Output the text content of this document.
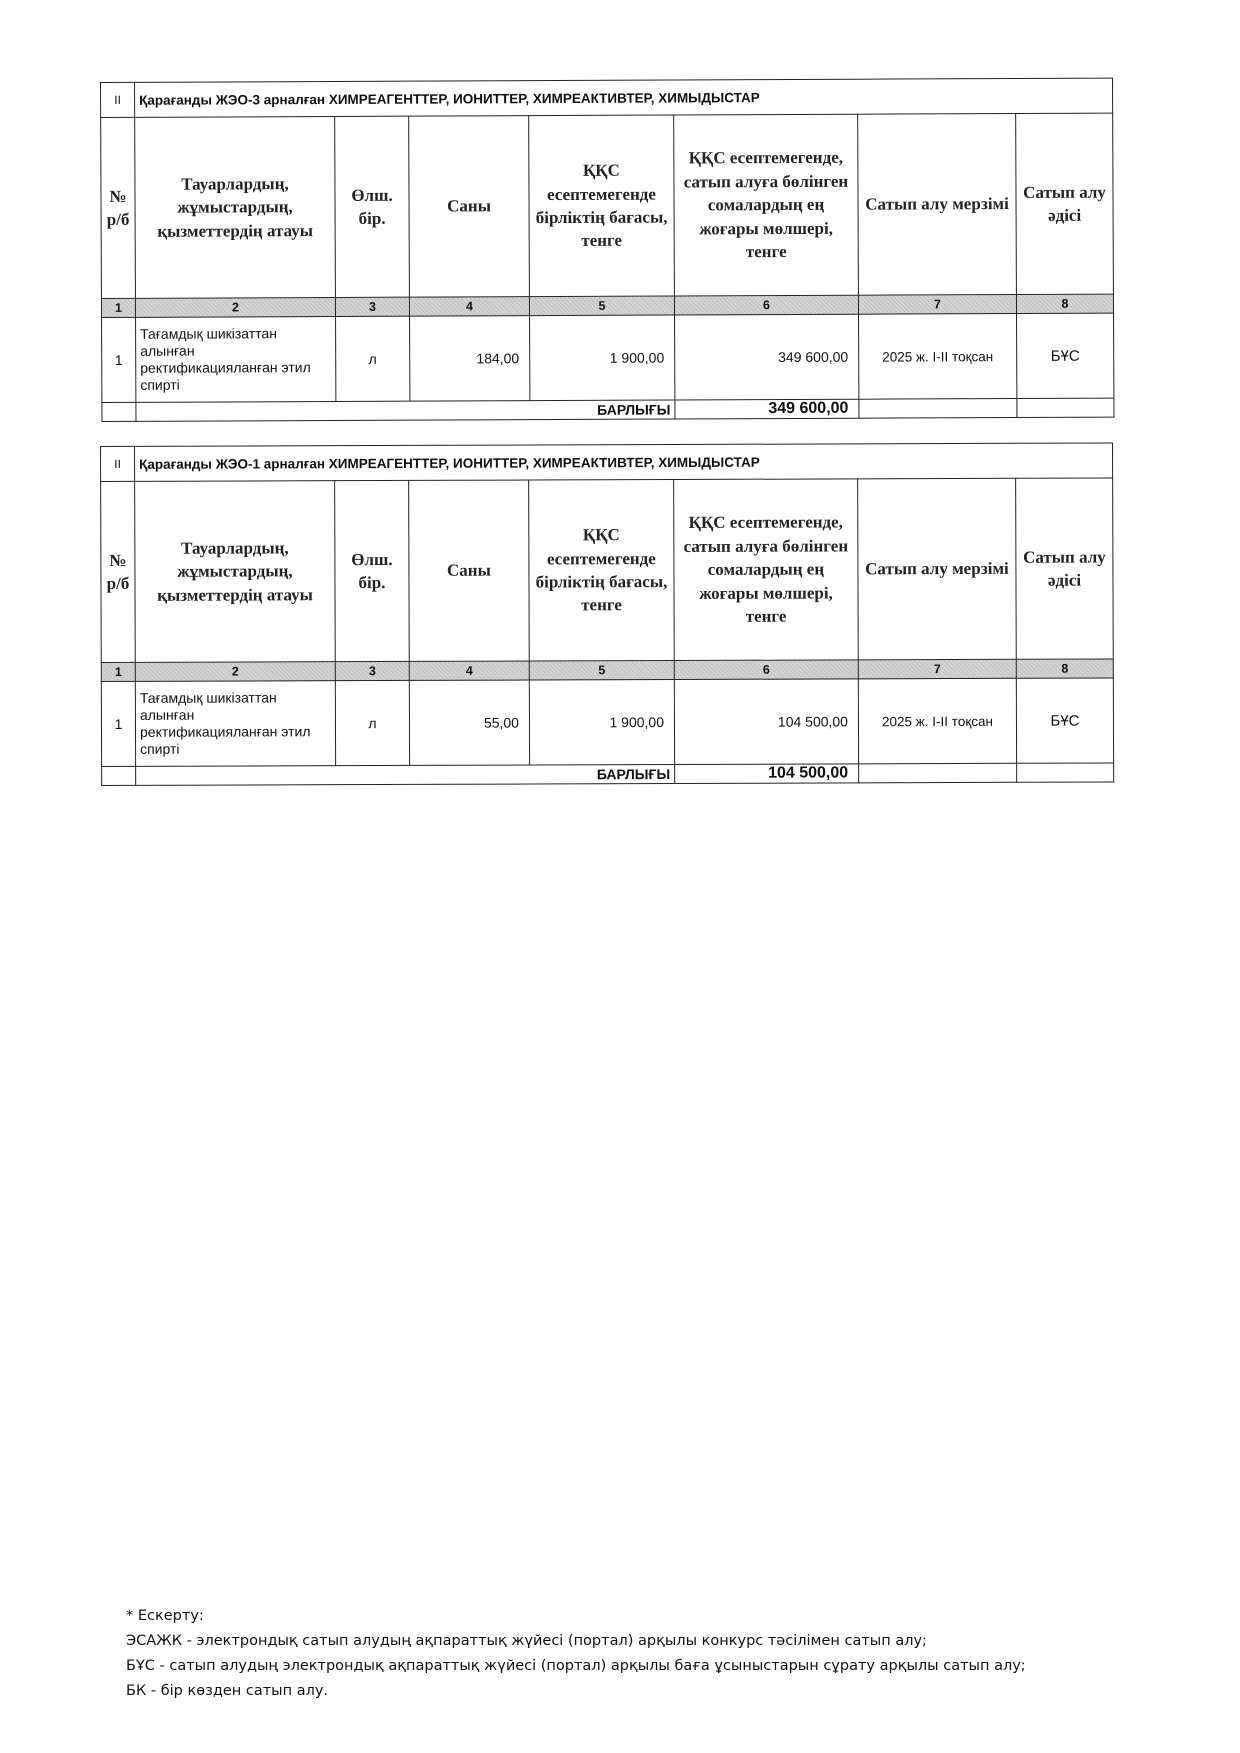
II	Қарағанды ЖЭО-3 арналған ХИМРЕАГЕНТТЕР, ИОНИТТЕР, ХИМРЕАКТИВТЕР, ХИМЫДЫСТАР						
№ р/б	Тауарлардың, жұмыстардың, қызметтердің атауы	Өлш. бір.	Саны	ҚҚС есептемегенде бірліктің бағасы, тенге	ҚҚС есептемегенде, сатып алуға бөлінген сомалардың ең жоғары мөлшері, тенге	Сатып алу мерзімі	Сатып алу әдісі
1	2	3	4	5	6	7	8
1	Тағамдық шикізаттан алынған ректификацияланған этил спирті	л	184,00	1 900,00	349 600,00	2025 ж. I-II тоқсан	БҰС
	БАРЛЫҒЫ				349 600,00		
II	Қарағанды ЖЭО-1 арналған ХИМРЕАГЕНТТЕР, ИОНИТТЕР, ХИМРЕАКТИВТЕР, ХИМЫДЫСТАР						
№ р/б	Тауарлардың, жұмыстардың, қызметтердің атауы	Өлш. бір.	Саны	ҚҚС есептемегенде бірліктің бағасы, тенге	ҚҚС есептемегенде, сатып алуға бөлінген сомалардың ең жоғары мөлшері, тенге	Сатып алу мерзімі	Сатып алу әдісі
1	2	3	4	5	6	7	8
1	Тағамдық шикізаттан алынған ректификацияланған этил спирті	л	55,00	1 900,00	104 500,00	2025 ж. I-II тоқсан	БҰС
	БАРЛЫҒЫ				104 500,00		
* Ескерту:
ЭСАЖК - электрондық сатып алудың ақпараттық жүйесі (портал) арқылы конкурс тәсілімен сатып алу;
БҰС - сатып алудың электрондық ақпараттық жүйесі (портал) арқылы баға ұсыныстарын сұрату арқылы сатып алу;
БК - бір көзден сатып алу.
